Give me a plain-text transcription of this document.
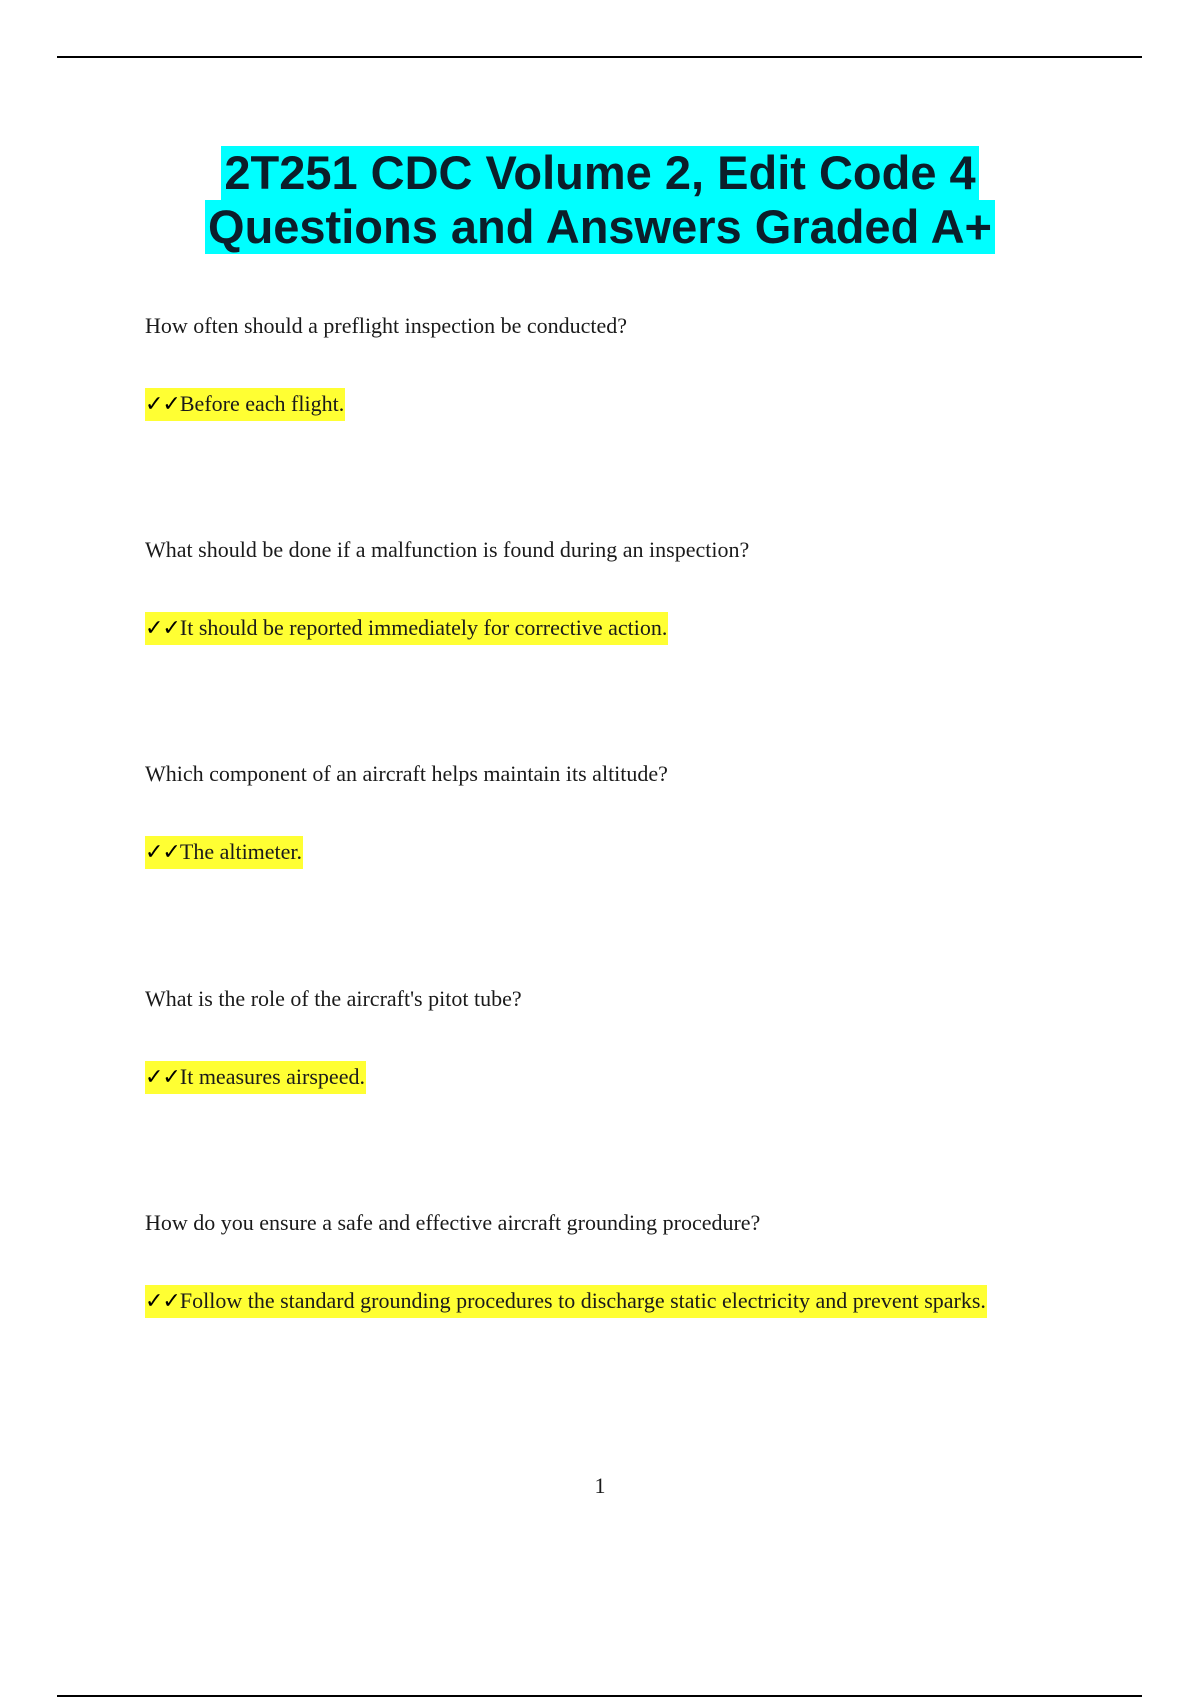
2T251 CDC Volume 2, Edit Code 4
Questions and Answers Graded A+
How often should a preflight inspection be conducted?
✓✓Before each flight.
What should be done if a malfunction is found during an inspection?
✓✓It should be reported immediately for corrective action.
Which component of an aircraft helps maintain its altitude?
✓✓The altimeter.
What is the role of the aircraft's pitot tube?
✓✓It measures airspeed.
How do you ensure a safe and effective aircraft grounding procedure?
✓✓Follow the standard grounding procedures to discharge static electricity and prevent sparks.
1
